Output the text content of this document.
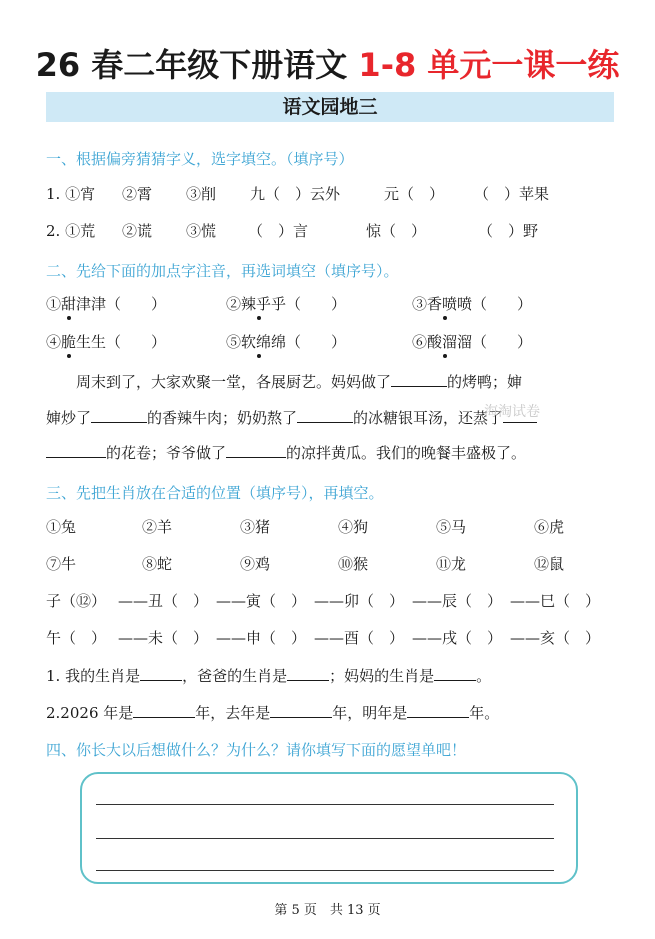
26 春二年级下册语文 1-8 单元一课一练
语文园地三
一、根据偏旁猜猜字义，选字填空。（填序号）
1. ①宵 ②霄 ③削 九（　）云外	元（　） （　）苹果
2. ①荒 ②谎 ③慌 （　）言	惊（　）	（　）野
二、先给下面的加点字注音，再选词填空（填序号）。
①甜津津（　　）	②辣乎乎（　　）	③香喷喷（　　）
④脆生生（　　）	⑤软绵绵（　　）	⑥酸溜溜（　　）
周末到了，大家欢聚一堂，各展厨艺。妈妈做了	的烤鸭；婶
婶炒了	的香辣牛肉；奶奶熬了	的冰糖银耳汤，还蒸了
的花卷；爷爷做了	的凉拌黄瓜。我们的晚餐丰盛极了。
三、先把生肖放在合适的位置（填序号），再填空。
①兔	②羊	③猪	④狗	⑤马	⑥虎
⑦牛	⑧蛇	⑨鸡	⑩猴	⑪龙	⑫鼠
子（⑫） ——丑（　） ——寅（　） ——卯（　） ——辰（　） ——巳（　）
午（　） ——未（　） ——申（　） ——酉（　） ——戌（　） ——亥（　）
1. 我的生肖是	，爸爸的生肖是	；妈妈的生肖是	。
2.2026 年是	年，去年是	年，明年是	年。
四、你长大以后想做什么？为什么？请你填写下面的愿望单吧！
海淘试卷
第 5 页　共 13 页
